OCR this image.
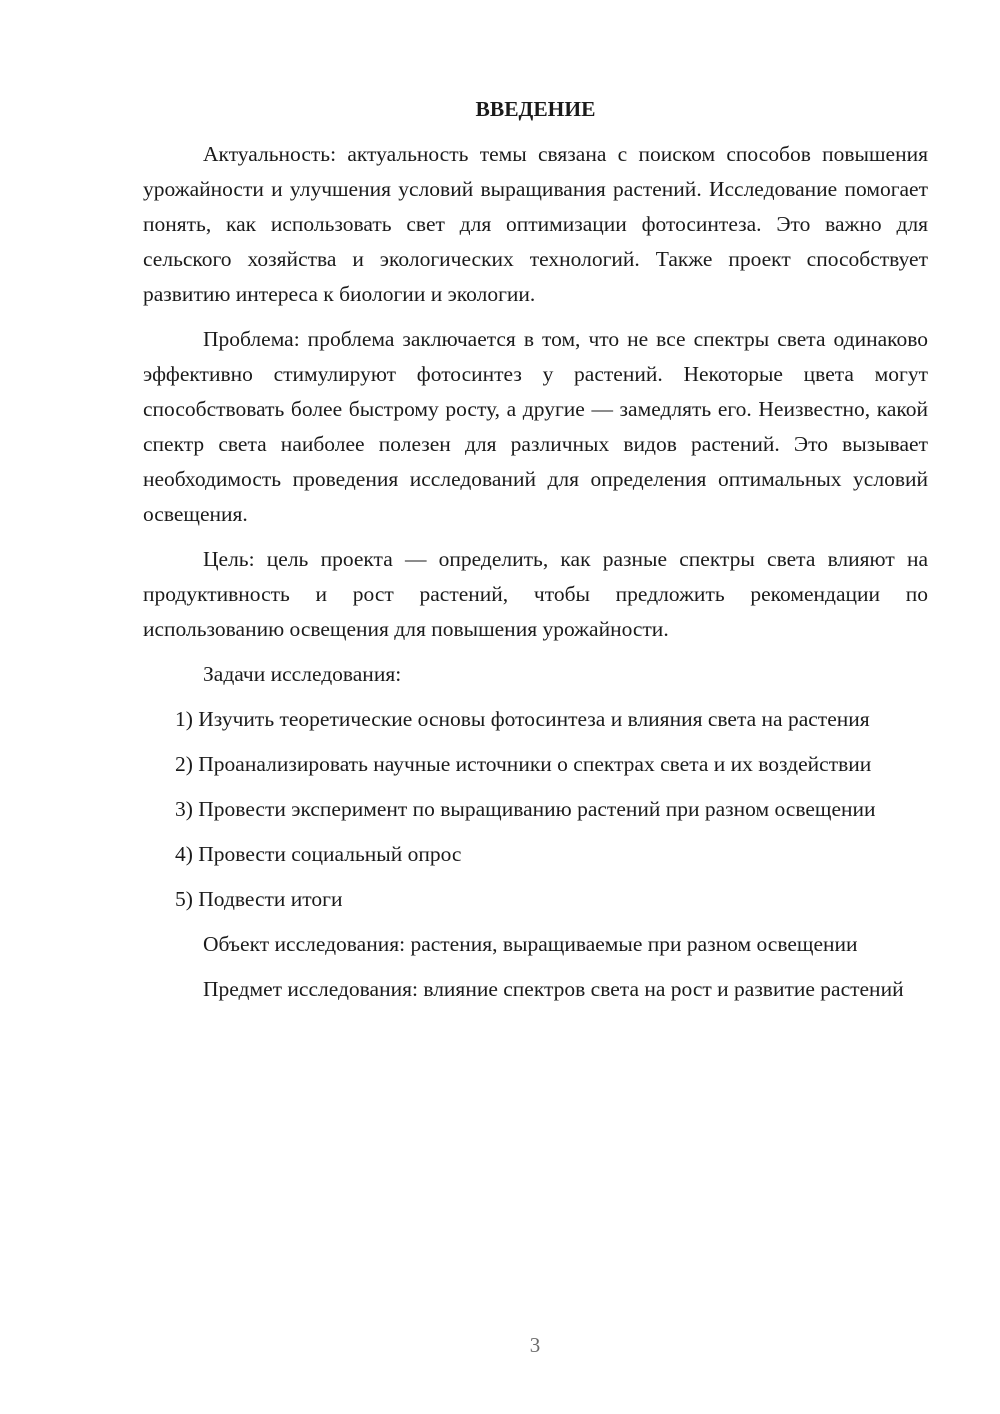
ВВЕДЕНИЕ

Актуальность: актуальность темы связана с поиском способов повышения урожайности и улучшения условий выращивания растений. Исследование помогает понять, как использовать свет для оптимизации фотосинтеза. Это важно для сельского хозяйства и экологических технологий. Также проект способствует развитию интереса к биологии и экологии.

Проблема: проблема заключается в том, что не все спектры света одинаково эффективно стимулируют фотосинтез у растений. Некоторые цвета могут способствовать более быстрому росту, а другие — замедлять его. Неизвестно, какой спектр света наиболее полезен для различных видов растений. Это вызывает необходимость проведения исследований для определения оптимальных условий освещения.

Цель: цель проекта — определить, как разные спектры света влияют на продуктивность и рост растений, чтобы предложить рекомендации по использованию освещения для повышения урожайности.

Задачи исследования:

1) Изучить теоретические основы фотосинтеза и влияния света на растения

2) Проанализировать научные источники о спектрах света и их воздействии

3) Провести эксперимент по выращиванию растений при разном освещении

4) Провести социальный опрос

5) Подвести итоги

Объект исследования: растения, выращиваемые при разном освещении

Предмет исследования: влияние спектров света на рост и развитие растений

3
